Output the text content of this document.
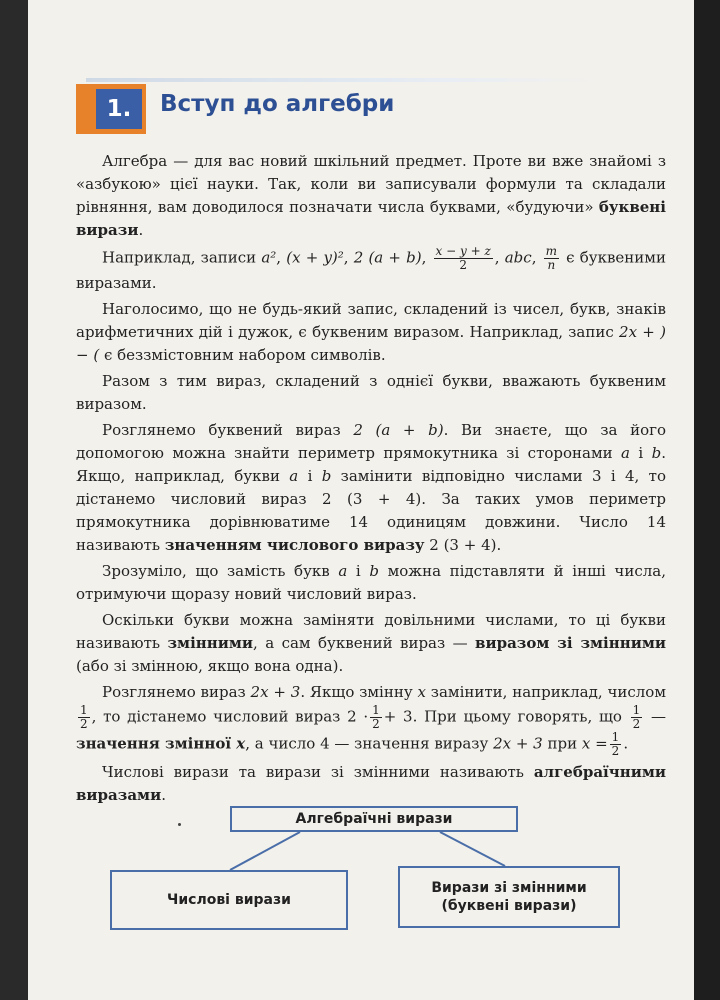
1.	Вступ до алгебри

Алгебра — для вас новий шкільний предмет. Проте ви вже знайомі з «азбукою» цієї науки. Так, коли ви записували формули та складали рівняння, вам доводилося позначати числа буквами, «будуючи» буквені вирази.

Наприклад, записи a², (x + y)², 2 (a + b), $\frac{x - y + z}{2}$ , abc, $\frac{m}{n}$ є буквеними виразами.

Наголосимо, що не будь-який запис, складений із чисел, букв, знаків арифметичних дій і дужок, є буквеним виразом. Наприклад, запис 2x + ) − ( є беззмістовним набором символів.

Разом з тим вираз, складений з однієї букви, вважають буквеним виразом.

Розглянемо буквений вираз 2 (a + b). Ви знаєте, що за його допомогою можна знайти периметр прямокутника зі сторонами a і b. Якщо, наприклад, букви a і b замінити відповідно числами 3 і 4, то дістанемо числовий вираз 2 (3 + 4). За таких умов периметр прямокутника дорівнюватиме 14 одиницям довжини. Число 14 називають значенням числового виразу 2 (3 + 4).

Зрозуміло, що замість букв a і b можна підставляти й інші числа, отримуючи щоразу новий числовий вираз.

Оскільки букви можна заміняти довільними числами, то ці букви називають змінними, а сам буквений вираз — виразом зі змінними (або зі змінною, якщо вона одна).

Розглянемо вираз 2x + 3. Якщо змінну x замінити, наприклад, числом
$\frac{1}{2}$ , то дістанемо числовий вираз $2 \cdot \frac{1}{2} + 3$. При цьому говорять, що $\frac{1}{2}$ — значення змінної x, а число 4 — значення виразу 2x + 3 при $x = \frac{1}{2}$ .

Числові вирази та вирази зі змінними називають алгебраїчними виразами.

Алгебраїчні вирази
Числові вирази
Вирази зі змінними
(буквені вирази)
